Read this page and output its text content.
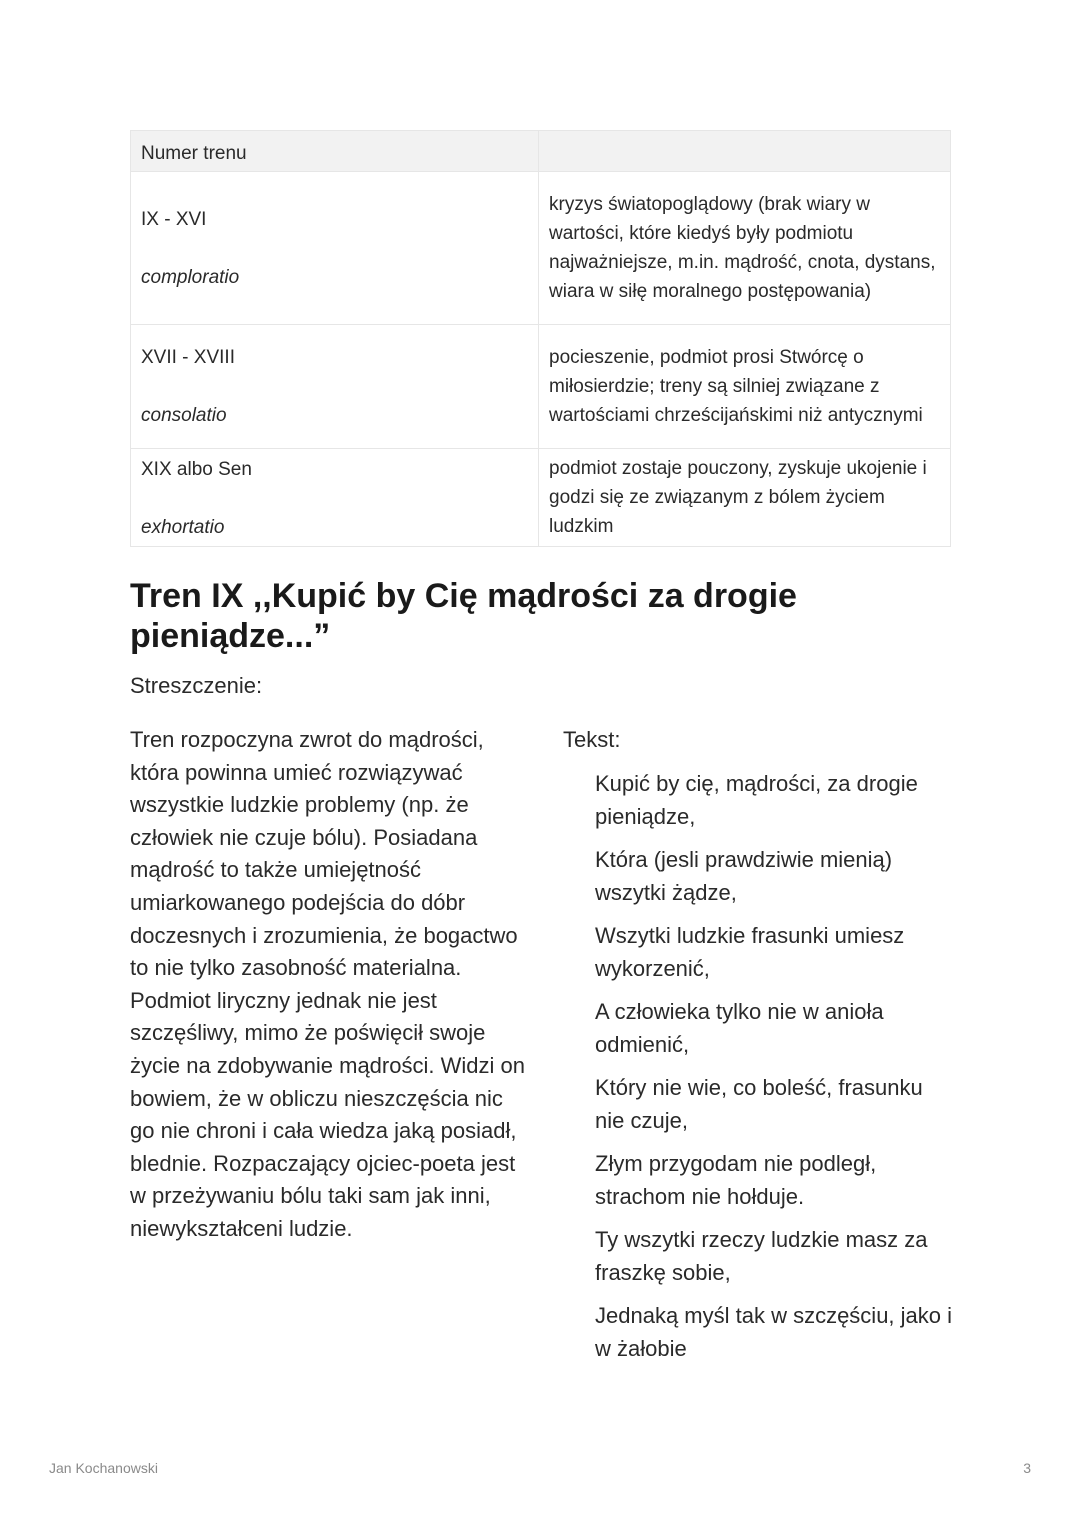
Numer trenu	

IX - XVI
comploratio	kryzys światopoglądowy (brak wiary w wartości, które kiedyś były podmiotu najważniejsze, m.in. mądrość, cnota, dystans, wiara w siłę moralnego postępowania)

XVII - XVIII
consolatio	pocieszenie, podmiot prosi Stwórcę o miłosierdzie; treny są silniej związane z wartościami chrześcijańskimi niż antycznymi

XIX albo Sen
exhortatio	podmiot zostaje pouczony, zyskuje ukojenie i godzi się ze związanym z bólem życiem ludzkim
Tren IX ,,Kupić by Cię mądrości za drogie pieniądze...”

Streszczenie:

Tren rozpoczyna zwrot do mądrości, która powinna umieć rozwiązywać wszystkie ludzkie problemy (np. że człowiek nie czuje bólu). Posiadana mądrość to także umiejętność umiarkowanego podejścia do dóbr doczesnych i zrozumienia, że bogactwo to nie tylko zasobność materialna. Podmiot liryczny jednak nie jest szczęśliwy, mimo że poświęcił swoje życie na zdobywanie mądrości. Widzi on bowiem, że w obliczu nieszczęścia nic go nie chroni i cała wiedza jaką posiadł, blednie. Rozpaczający ojciec-poeta jest w przeżywaniu bólu taki sam jak inni, niewykształceni ludzie.

Tekst:

Kupić by cię, mądrości, za drogie pieniądze,
Która (jesli prawdziwie mienią) wszytki żądze,
Wszytki ludzkie frasunki umiesz wykorzenić,
A człowieka tylko nie w anioła odmienić,
Który nie wie, co boleść, frasunku nie czuje,
Złym przygodam nie podległ, strachom nie hołduje.
Ty wszytki rzeczy ludzkie masz za fraszkę sobie,
Jednaką myśl tak w szczęściu, jako i w żałobie
Jan Kochanowski	3
